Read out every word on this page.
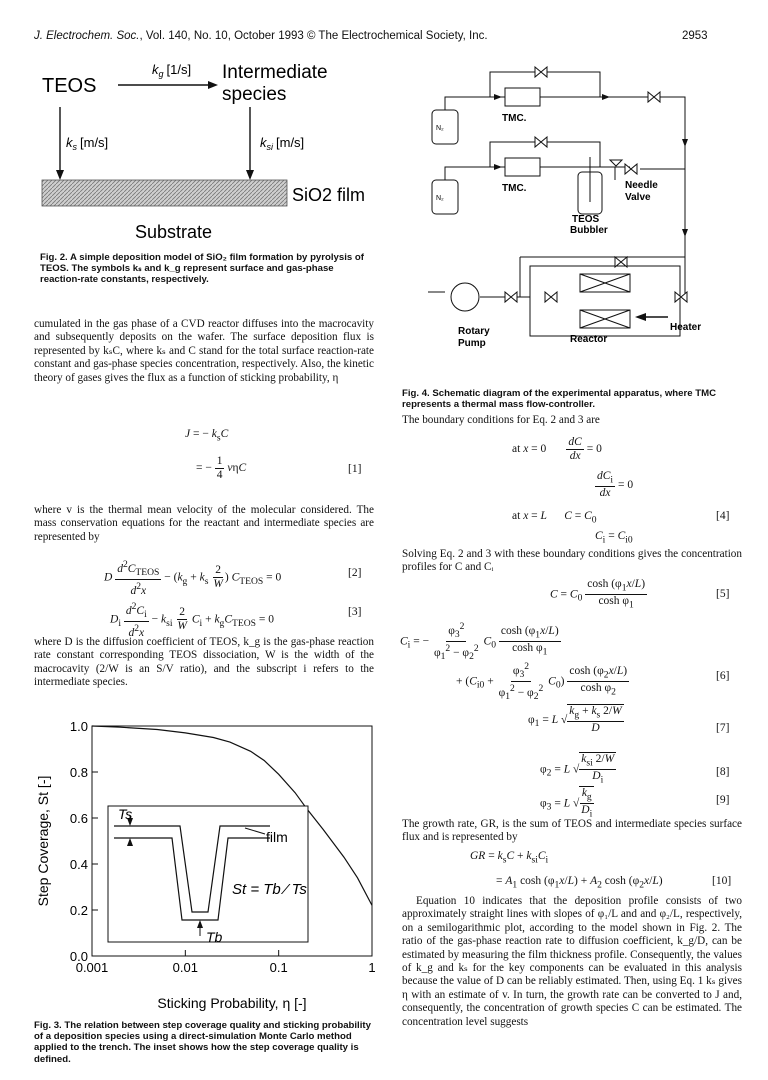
J. Electrochem. Soc., Vol. 140, No. 10, October 1993 © The Electrochemical Society, Inc.	2953
TEOS
$k_g$ [1/s] Intermediate
species
$k_s$ [m/s]	$k_{si}$ [m/s]
SiO2 film
Substrate
Fig. 2. A simple deposition model of SiO₂ film formation by pyrolysis of TEOS. The symbols kₛ and k_g represent surface and gas-phase reaction-rate constants, respectively.
N₂
N₂
TMC.
TMC.	Needle
Valve
TEOS
Bubbler
Rotary
Pump	Reactor
Heater
Fig. 4. Schematic diagram of the experimental apparatus, where TMC represents a thermal mass flow-controller.
cumulated in the gas phase of a CVD reactor diffuses into the macrocavity and subsequently deposits on the wafer. The surface deposition flux is represented by kₛC, where kₛ and C stand for the total surface reaction-rate constant and gas-phase species concentration, respectively. Also, the kinetic theory of gases gives the flux as a function of sticking probability, η
J = − $k_sC$
= − $\frac{1}{4}$ vηC	[1]
where v is the thermal mean velocity of the molecular considered. The mass conservation equations for the reactant and intermediate species are represented by
D $\frac{d^2C_{TEOS}}{d^2x} - (k_g + k_s \frac{2}{W}$ ) $C_{TEOS} = 0$	[2]
$D_i \frac{d^2C_i}{d^2x} - k_{si} \frac{2}{W} C_i + k_gC_{TEOS} = 0$
[3]
where D is the diffusion coefficient of TEOS, k_g is the gas-phase reaction rate constant corresponding TEOS dissociation, W is the width of the macrocavity (2/W is an S/V ratio), and the subscript i refers to the intermediate species.
0.0
0.2
0.4
0.6
0.8
1.0
0.001	0.01	0.1	1
Ts
film
Tb
St = Tb ⁄ Ts
Sticking Probability, η [-]
Step Coverage, St [-]
Fig. 3. The relation between step coverage quality and sticking probability of a deposition species using a direct-simulation Monte Carlo method applied to the trench. The inset shows how the step coverage quality is defined.
The boundary conditions for Eq. 2 and 3 are
at $x = 0 \frac{dC}{dx} = 0$
$\frac{dC_i}{dx} = 0$
at x = L $C = C_0$	[4]
$C_i = C_{i0}$
Solving Eq. 2 and 3 with these boundary conditions gives the concentration profiles for C and Cᵢ
$C = C_0 \frac{\cosh (\varphi_1x/L)}{\cosh \varphi_1}$	[5]
$C_i$ = − $\frac{\varphi_3^2}{\varphi_1^2 - \varphi_2^2} C_0 \frac{\cosh (\varphi_1x/L)}{\cosh \varphi_1}$
+ $(C_{i0} + \frac{\varphi_3^2}{\varphi_1^2 - \varphi_2^2} C_0) \frac{\cosh (\varphi_2x/L)}{\cosh \varphi_2}$	[6]
$\varphi_1 = L$ √ $\frac{k_g + k_s 2/W}{D}$	[7]
$\varphi_2 = L$ √ $\frac{k_{si} 2/W}{D_i}$	[8]
$\varphi_3 = L$ √ $\frac{k_g}{D_i}$	[9]
The growth rate, GR, is the sum of TEOS and intermediate species surface flux and is represented by
GR = $k_sC + k_{si}C_i$
= $A_1$ $\cosh (\varphi_1x/L) + A_2$ $\cosh (\varphi_2x/L)$	[10]
Equation 10 indicates that the deposition profile consists of two approximately straight lines with slopes of φ₁/L and and φ₂/L, respectively, on a semilogarithmic plot, according to the model shown in Fig. 2. The ratio of the gas-phase reaction rate to diffusion coefficient, k_g/D, can be estimated by measuring the film thickness profile. Consequently, the values of k_g and kₛ for the key components can be evaluated in this analysis because the value of D can be reliably estimated. Then, using Eq. 1 kₛ gives η with an estimate of v. In turn, the growth rate can be converted to J and, consequently, the concentration of growth species C can be estimated. The concentration level suggests
